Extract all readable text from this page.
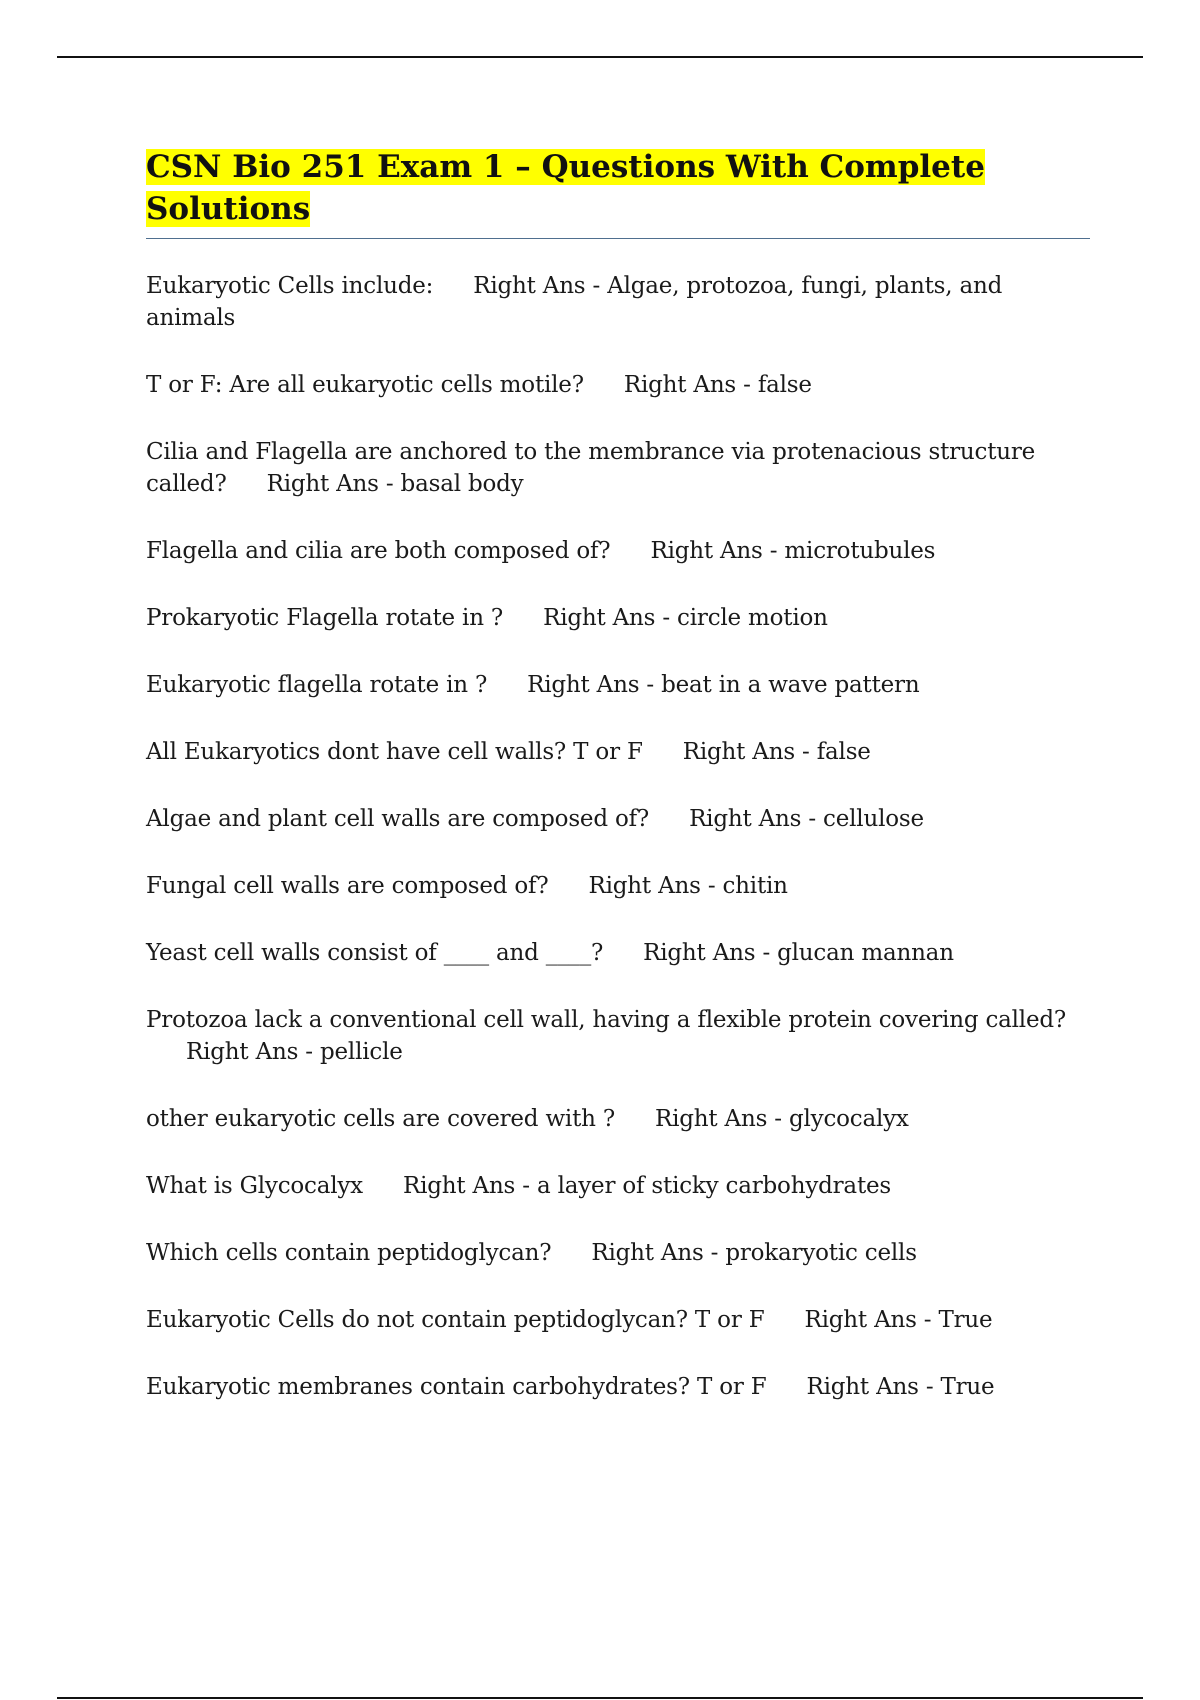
CSN Bio 251 Exam 1 – Questions With Complete
Solutions
Eukaryotic Cells include: Right Ans - Algae, protozoa, fungi, plants, and animals
T or F: Are all eukaryotic cells motile? Right Ans - false
Cilia and Flagella are anchored to the membrance via protenacious structure called? Right Ans - basal body
Flagella and cilia are both composed of? Right Ans - microtubules
Prokaryotic Flagella rotate in ? Right Ans - circle motion
Eukaryotic flagella rotate in ? Right Ans - beat in a wave pattern
All Eukaryotics dont have cell walls? T or F Right Ans - false
Algae and plant cell walls are composed of? Right Ans - cellulose
Fungal cell walls are composed of? Right Ans - chitin
Yeast cell walls consist of ____ and ____? Right Ans - glucan mannan
Protozoa lack a conventional cell wall, having a flexible protein covering called?Right Ans - pellicle
other eukaryotic cells are covered with ? Right Ans - glycocalyx
What is Glycocalyx Right Ans - a layer of sticky carbohydrates
Which cells contain peptidoglycan? Right Ans - prokaryotic cells
Eukaryotic Cells do not contain peptidoglycan? T or F Right Ans - True
Eukaryotic membranes contain carbohydrates? T or F Right Ans - True
